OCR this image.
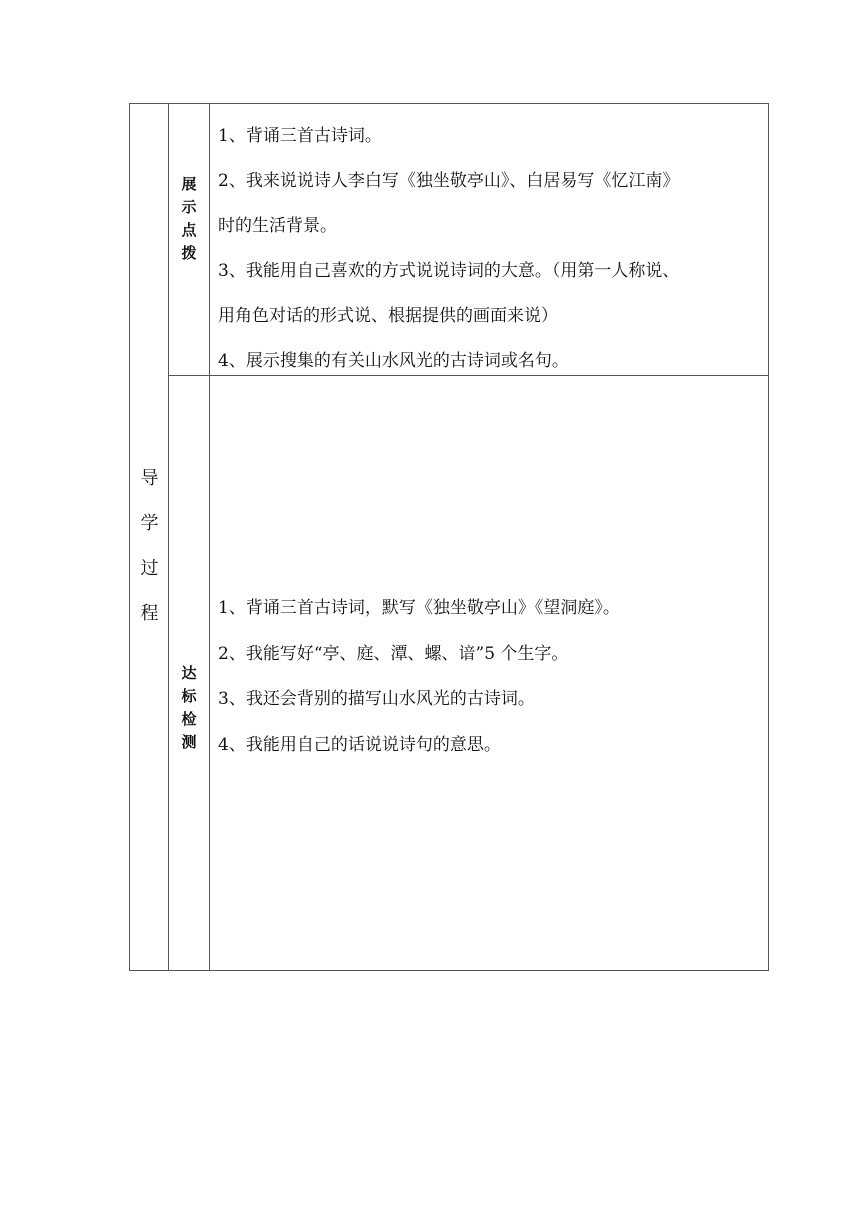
导
学
过
程
展
示
点
拨

1、背诵三首古诗词。

2、我来说说诗人李白写《独坐敬亭山》、白居易写《忆江南》

时的生活背景。

3、我能用自己喜欢的方式说说诗词的大意。（用第一人称说、

用角色对话的形式说、根据提供的画面来说）

4、展示搜集的有关山水风光的古诗词或名句。

达
标
检
测

1、背诵三首古诗词，默写《独坐敬亭山》《望洞庭》。

2、我能写好“亭、庭、潭、螺、谙”5 个生字。

3、我还会背别的描写山水风光的古诗词。

4、我能用自己的话说说诗句的意思。
